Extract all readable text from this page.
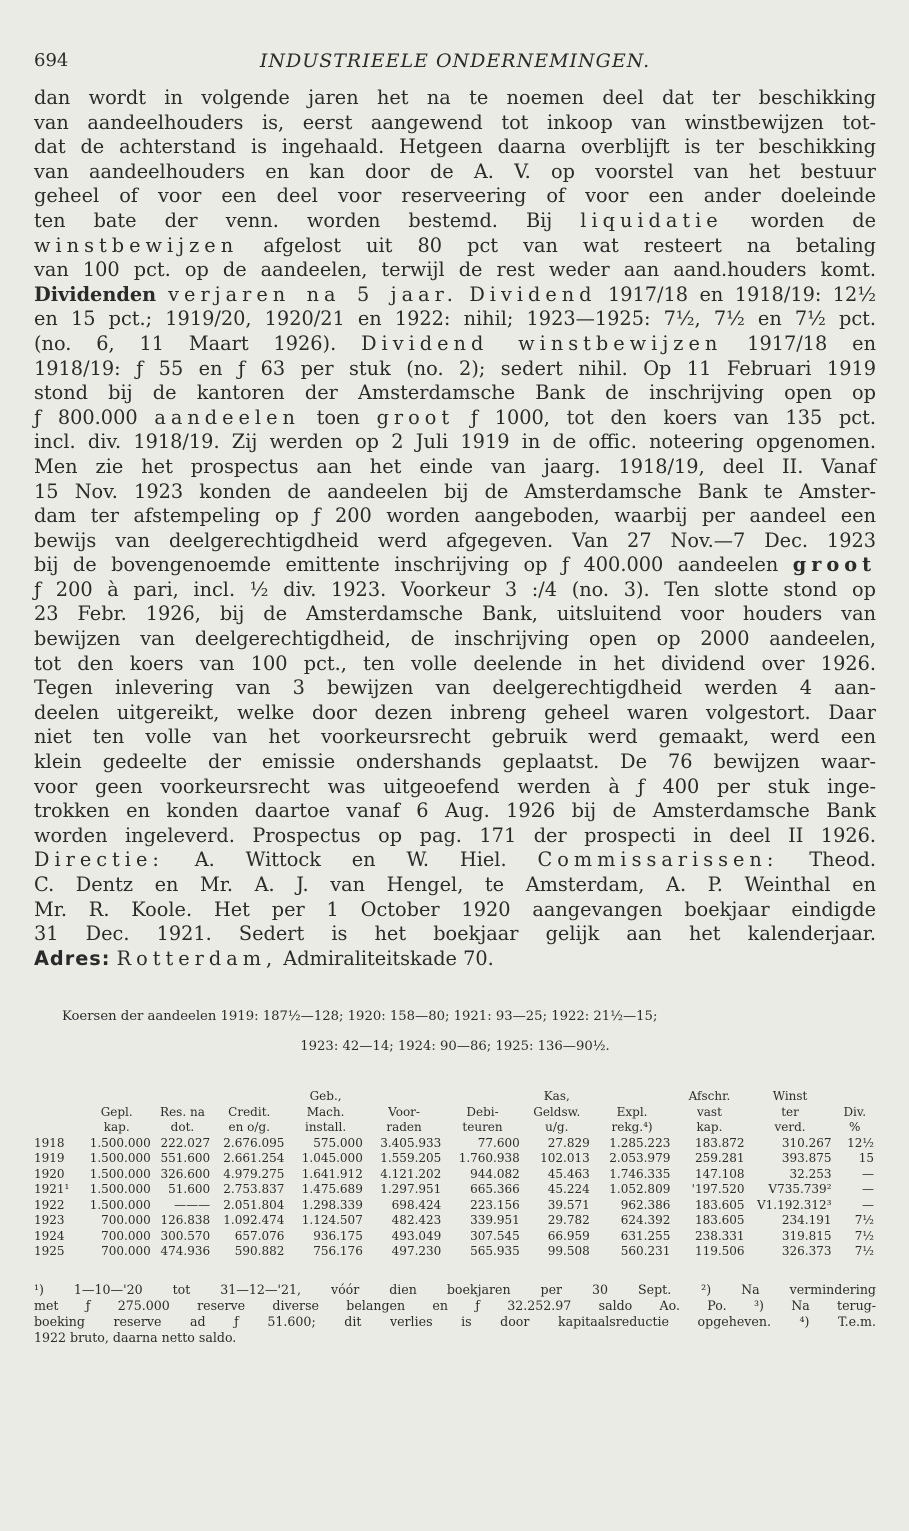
694	INDUSTRIEELE ONDERNEMINGEN.
dan wordt in volgende jaren het na te noemen deel dat ter beschikking
van aandeelhouders is, eerst aangewend tot inkoop van winstbewijzen tot-
dat de achterstand is ingehaald. Hetgeen daarna overblijft is ter beschikking
van aandeelhouders en kan door de A. V. op voorstel van het bestuur
geheel of voor een deel voor reserveering of voor een ander doeleinde
ten bate der venn. worden bestemd. Bij liquidatie worden de
winstbewijzen afgelost uit 80 pct van wat resteert na betaling
van 100 pct. op de aandeelen, terwijl de rest weder aan aand.houders komt.
Dividenden verjaren na 5 jaar. Dividend 1917/18 en 1918/19: 12½
en 15 pct.; 1919/20, 1920/21 en 1922: nihil; 1923—1925: 7½, 7½ en 7½ pct.
(no. 6, 11 Maart 1926). Dividend winstbewijzen 1917/18 en
1918/19: ƒ 55 en ƒ 63 per stuk (no. 2); sedert nihil. Op 11 Februari 1919
stond bij de kantoren der Amsterdamsche Bank de inschrijving open op
ƒ 800.000 aandeelen toen groot ƒ 1000, tot den koers van 135 pct.
incl. div. 1918/19. Zij werden op 2 Juli 1919 in de offic. noteering opgenomen.
Men zie het prospectus aan het einde van jaarg. 1918/19, deel II. Vanaf
15 Nov. 1923 konden de aandeelen bij de Amsterdamsche Bank te Amster-
dam ter afstempeling op ƒ 200 worden aangeboden, waarbij per aandeel een
bewijs van deelgerechtigdheid werd afgegeven. Van 27 Nov.—7 Dec. 1923
bij de bovengenoemde emittente inschrijving op ƒ 400.000 aandeelen groot
ƒ 200 à pari, incl. ½ div. 1923. Voorkeur 3 :/4 (no. 3). Ten slotte stond op
23 Febr. 1926, bij de Amsterdamsche Bank, uitsluitend voor houders van
bewijzen van deelgerechtigdheid, de inschrijving open op 2000 aandeelen,
tot den koers van 100 pct., ten volle deelende in het dividend over 1926.
Tegen inlevering van 3 bewijzen van deelgerechtigdheid werden 4 aan-
deelen uitgereikt, welke door dezen inbreng geheel waren volgestort. Daar
niet ten volle van het voorkeursrecht gebruik werd gemaakt, werd een
klein gedeelte der emissie ondershands geplaatst. De 76 bewijzen waar-
voor geen voorkeursrecht was uitgeoefend werden à ƒ 400 per stuk inge-
trokken en konden daartoe vanaf 6 Aug. 1926 bij de Amsterdamsche Bank
worden ingeleverd. Prospectus op pag. 171 der prospecti in deel II 1926.
Directie: A. Wittock en W. Hiel. Commissarissen: Theod.
C. Dentz en Mr. A. J. van Hengel, te Amsterdam, A. P. Weinthal en
Mr. R. Koole. Het per 1 October 1920 aangevangen boekjaar eindigde
31 Dec. 1921. Sedert is het boekjaar gelijk aan het kalenderjaar.
Adres: Rotterdam, Admiraliteitskade 70.
Koersen der aandeelen 1919: 187½—128; 1920: 158—80; 1921: 93—25; 1922: 21½—15;
1923: 42—14; 1924: 90—86; 1925: 136—90½.
				Geb.,			Kas,		Afschr.	Winst	
	Gepl.	Res. na	Credit.	Mach.	Voor-	Debi-	Geldsw.	Expl.	vast	ter	Div.
	kap.	dot.	en o/g.	install.	raden	teuren	u/g.	rekg.⁴)	kap.	verd.	%
1918	1.500.000	222.027	2.676.095	575.000	3.405.933	77.600	27.829	1.285.223	183.872	310.267	12½
1919	1.500.000	551.600	2.661.254	1.045.000	1.559.205	1.760.938	102.013	2.053.979	259.281	393.875	15
1920	1.500.000	326.600	4.979.275	1.641.912	4.121.202	944.082	45.463	1.746.335	147.108	32.253	—
1921¹	1.500.000	51.600	2.753.837	1.475.689	1.297.951	665.366	45.224	1.052.809	'197.520	V735.739²	—
1922	1.500.000	———	2.051.804	1.298.339	698.424	223.156	39.571	962.386	183.605	V1.192.312³	—
1923	700.000	126.838	1.092.474	1.124.507	482.423	339.951	29.782	624.392	183.605	234.191	7½
1924	700.000	300.570	657.076	936.175	493.049	307.545	66.959	631.255	238.331	319.815	7½
1925	700.000	474.936	590.882	756.176	497.230	565.935	99.508	560.231	119.506	326.373	7½
¹) 1—10—'20 tot 31—12—'21, vóór dien boekjaren per 30 Sept. ²) Na vermindering
met ƒ 275.000 reserve diverse belangen en ƒ 32.252.97 saldo Ao. Po. ³) Na terug-
boeking reserve ad ƒ 51.600; dit verlies is door kapitaalsreductie opgeheven. ⁴) T.e.m.
1922 bruto, daarna netto saldo.
